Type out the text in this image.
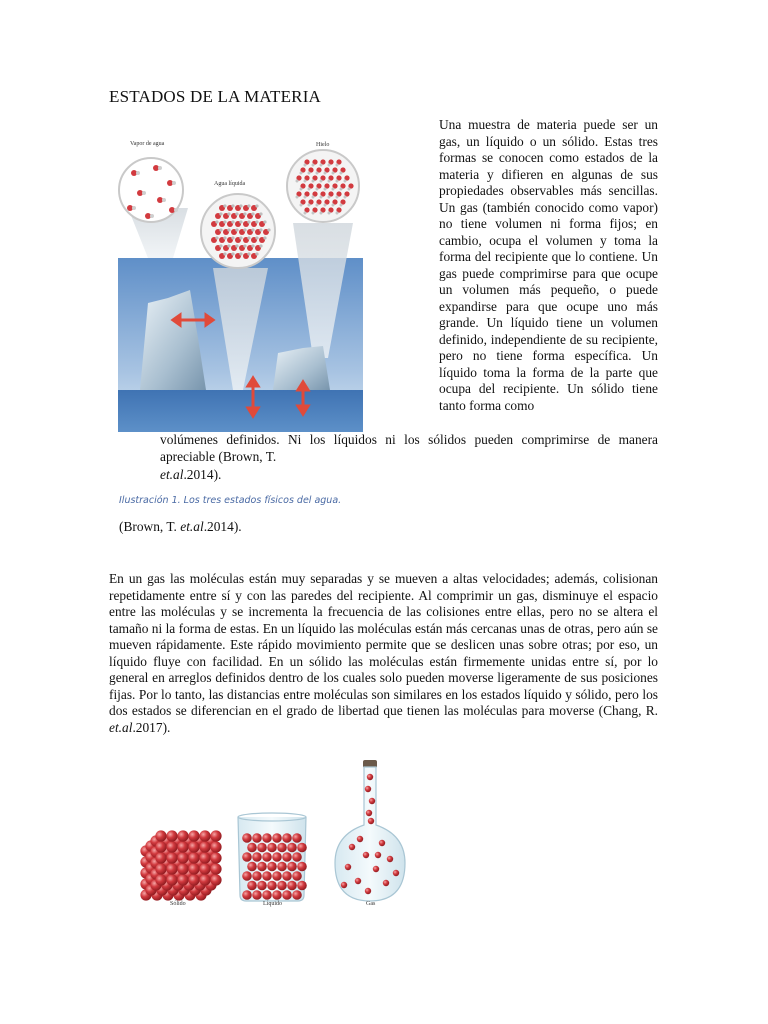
ESTADOS DE LA MATERIA
Vapor de agua
Agua líquida
Hielo

Una muestra de materia puede ser un gas, un líquido o un sólido. Estas tres formas se conocen como estados de la materia y difieren en algunas de sus propiedades observables más sencillas. Un gas (también conocido como vapor) no tiene volumen ni forma fijos; en cambio, ocupa el volumen y toma la forma del recipiente que lo contiene. Un gas puede comprimirse para que ocupe un volumen más pequeño, o puede expandirse para que ocupe uno más grande. Un líquido tiene un volumen definido, independiente de su recipiente, pero no tiene forma específica. Un líquido toma la forma de la parte que ocupa del recipiente. Un sólido tiene tanto forma como

volúmenes definidos. Ni los líquidos ni los sólidos pueden comprimirse de manera apreciable (Brown, T.
et.al.2014).
Ilustración 1. Los tres estados físicos del agua.
(Brown, T. et.al.2014).

En un gas las moléculas están muy separadas y se mueven a altas velocidades; además, colisionan repetidamente entre sí y con las paredes del recipiente. Al comprimir un gas, disminuye el espacio entre las moléculas y se incrementa la frecuencia de las colisiones entre ellas, pero no se altera el tamaño ni la forma de estas. En un líquido las moléculas están más cercanas unas de otras, pero aún se mueven rápidamente. Este rápido movimiento permite que se deslicen unas sobre otras; por eso, un líquido fluye con facilidad. En un sólido las moléculas están firmemente unidas entre sí, por lo general en arreglos definidos dentro de los cuales solo pueden moverse ligeramente de sus posiciones fijas. Por lo tanto, las distancias entre moléculas son similares en los estados líquido y sólido, pero los dos estados se diferencian en el grado de libertad que tienen las moléculas para moverse (Chang, R. et.al.2017).

Sólido	Líquido	Gas
